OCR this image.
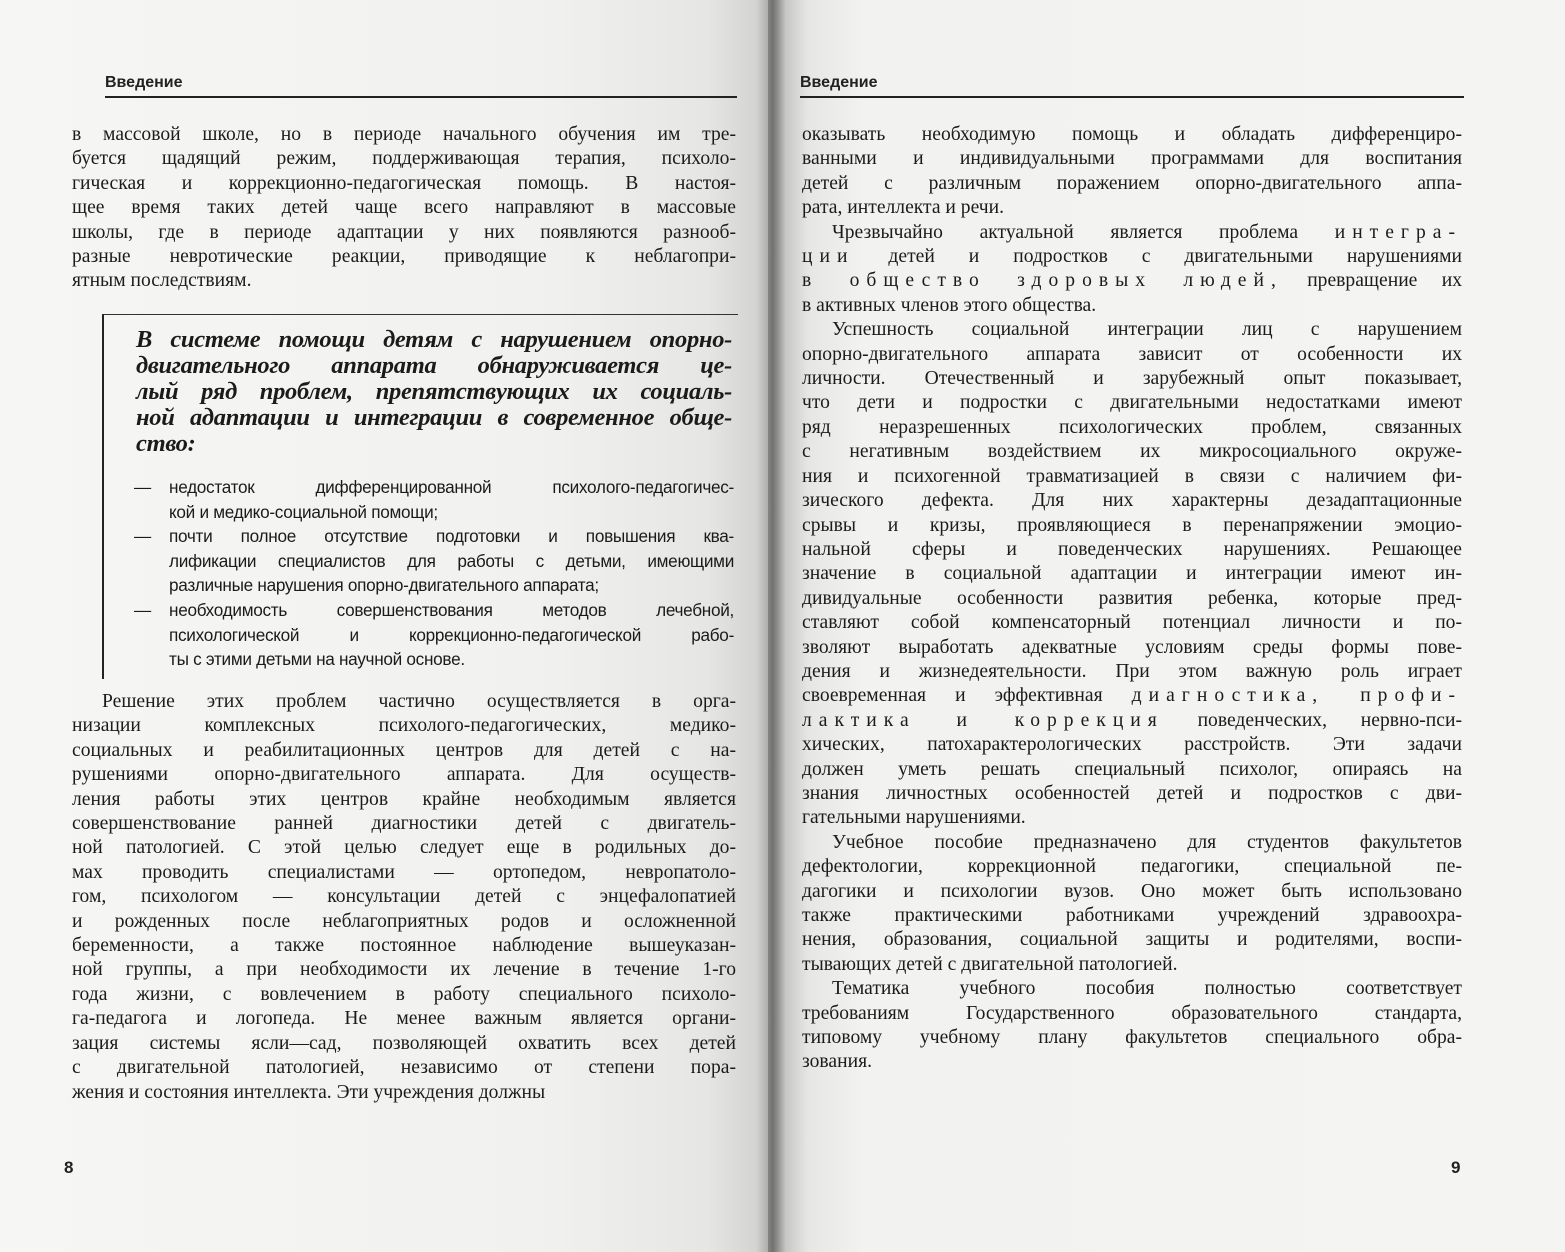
Введение
в массовой школе, но в периоде начального обучения им тре-
буется щадящий режим, поддерживающая терапия, психоло-
гическая и коррекционно-педагогическая помощь. В настоя-
щее время таких детей чаще всего направляют в массовые
школы, где в периоде адаптации у них появляются разнооб-
разные невротические реакции, приводящие к неблагопри-
ятным последствиям.
В системе помощи детям с нарушением опорно-
двигательного аппарата обнаруживается це-
лый ряд проблем, препятствующих их социаль-
ной адаптации и интеграции в современное обще-
ство:
— недостаток дифференцированной психолого-педагогичес-
кой и медико-социальной помощи;
— почти полное отсутствие подготовки и повышения ква-
лификации специалистов для работы с детьми, имеющими
различные нарушения опорно-двигательного аппарата;
— необходимость совершенствования методов лечебной,
психологической и коррекционно-педагогической рабо-
ты с этими детьми на научной основе.
Решение этих проблем частично осуществляется в орга-
низации комплексных психолого-педагогических, медико-
социальных и реабилитационных центров для детей с на-
рушениями опорно-двигательного аппарата. Для осуществ-
ления работы этих центров крайне необходимым является
совершенствование ранней диагностики детей с двигатель-
ной патологией. С этой целью следует еще в родильных до-
мах проводить специалистами — ортопедом, невропатоло-
гом, психологом — консультации детей с энцефалопатией
и рожденных после неблагоприятных родов и осложненной
беременности, а также постоянное наблюдение вышеуказан-
ной группы, а при необходимости их лечение в течение 1-го
года жизни, с вовлечением в работу специального психоло-
га-педагога и логопеда. Не менее важным является органи-
зация системы ясли—сад, позволяющей охватить всех детей
с двигательной патологией, независимо от степени пора-
жения и состояния интеллекта. Эти учреждения должны
8
Введение
оказывать необходимую помощь и обладать дифференциро-
ванными и индивидуальными программами для воспитания
детей с различным поражением опорно-двигательного аппа-
рата, интеллекта и речи.
Чрезвычайно актуальной является проблема интегра-
ции детей и подростков с двигательными нарушениями
в общество здоровых людей, превращение их
в активных членов этого общества.
Успешность социальной интеграции лиц с нарушением
опорно-двигательного аппарата зависит от особенности их
личности. Отечественный и зарубежный опыт показывает,
что дети и подростки с двигательными недостатками имеют
ряд неразрешенных психологических проблем, связанных
с негативным воздействием их микросоциального окруже-
ния и психогенной травматизацией в связи с наличием фи-
зического дефекта. Для них характерны дезадаптационные
срывы и кризы, проявляющиеся в перенапряжении эмоцио-
нальной сферы и поведенческих нарушениях. Решающее
значение в социальной адаптации и интеграции имеют ин-
дивидуальные особенности развития ребенка, которые пред-
ставляют собой компенсаторный потенциал личности и по-
зволяют выработать адекватные условиям среды формы пове-
дения и жизнедеятельности. При этом важную роль играет
своевременная и эффективная диагностика, профи-
лактика и коррекция поведенческих, нервно-пси-
хических, патохарактерологических расстройств. Эти задачи
должен уметь решать специальный психолог, опираясь на
знания личностных особенностей детей и подростков с дви-
гательными нарушениями.
Учебное пособие предназначено для студентов факультетов
дефектологии, коррекционной педагогики, специальной пе-
дагогики и психологии вузов. Оно может быть использовано
также практическими работниками учреждений здравоохра-
нения, образования, социальной защиты и родителями, воспи-
тывающих детей с двигательной патологией.
Тематика учебного пособия полностью соответствует
требованиям Государственного образовательного стандарта,
типовому учебному плану факультетов специального обра-
зования.
9
